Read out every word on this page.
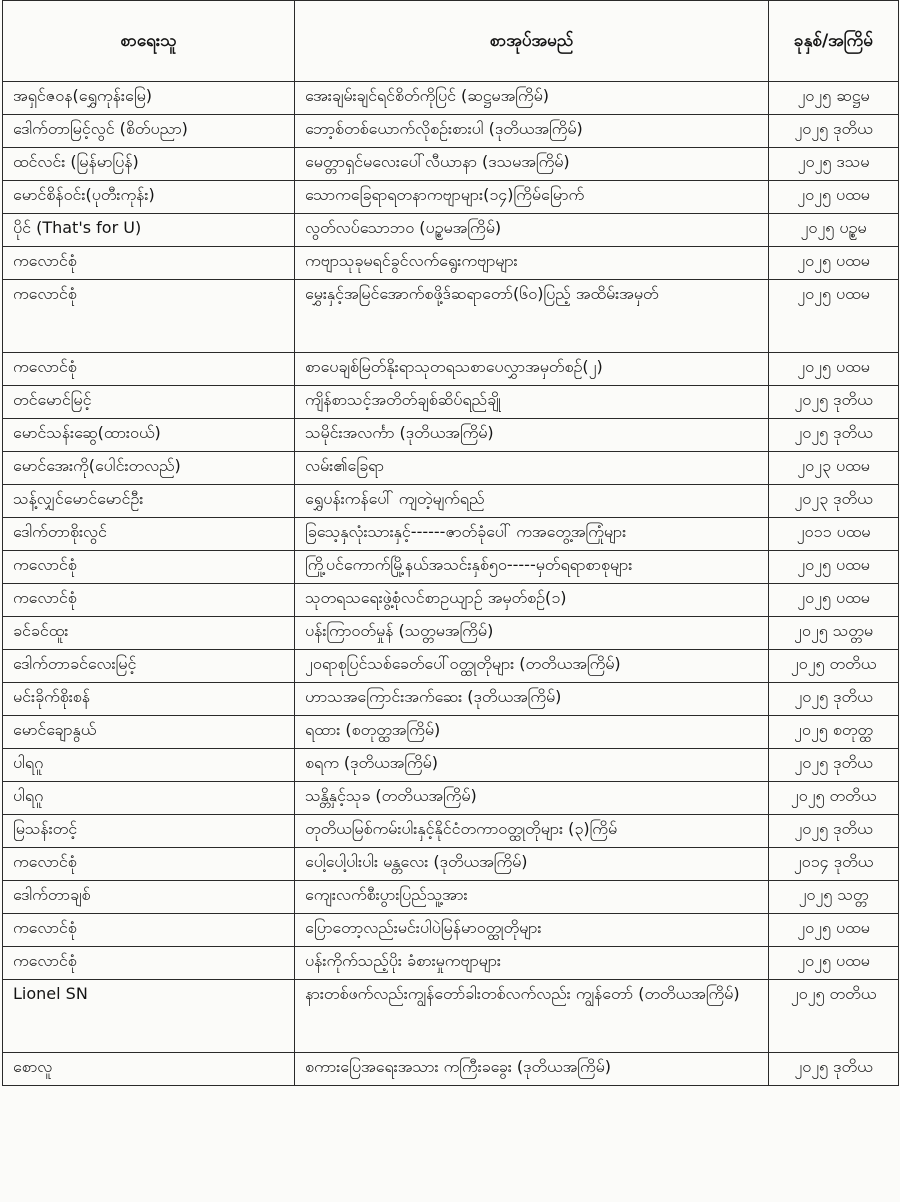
စာရေးသူ	စာအုပ်အမည်	ခုနှစ်/အကြိမ်
အရှင်ဇဝန(ရွှေကုန်းမြေ)	အေးချမ်းချင်ရင်စိတ်ကိုပြင် (ဆဋ္ဌမအကြိမ်)	၂၀၂၅ ဆဋ္ဌမ
ဒေါက်တာမြင့်လွင် (စိတ်ပညာ)	ဘော့စ်တစ်ယောက်လိုစဉ်းစားပါ (ဒုတိယအကြိမ်)	၂၀၂၅ ဒုတိယ
ထင်လင်း (မြန်မာပြန်)	မေတ္တာရှင်မလေးပေါ်လီယာနာ (ဒသမအကြိမ်)	၂၀၂၅ ဒသမ
မောင်စိန်ဝင်း(ပုတီးကုန်း)	သောကခြေရာရတနာကဗျာများ(၁၄)ကြိမ်မြောက်	၂၀၂၅ ပထမ
ပိုင် (That's for U)	လွတ်လပ်သောဘဝ (ပဥ္စမအကြိမ်)	၂၀၂၅ ပဥ္စမ
ကလောင်စုံ	ကဗျာသုခုမရင်ခွင်လက်ရွေးကဗျာများ	၂၀၂၅ ပထမ
ကလောင်စုံ	မွှေးနှင့်အမြင်အောက်စဖို့ဒ်ဆရာတော်(၆၀)ပြည့် အထိမ်းအမှတ်	၂၀၂၅ ပထမ
ကလောင်စုံ	စာပေချစ်မြတ်နိုးရာသုတရသစာပေလွှာအမှတ်စဉ်(၂)	၂၀၂၅ ပထမ
တင်မောင်မြင့်	ကျိန်စာသင့်အတိတ်ချစ်ဆိပ်ရည်ချို	၂၀၂၅ ဒုတိယ
မောင်သန်းဆွေ(ထားဝယ်)	သမိုင်းအလင်္ကာ (ဒုတိယအကြိမ်)	၂၀၂၅ ဒုတိယ
မောင်အေးကို(ပေါင်းတလည်)	လမ်း၏ခြေရာ	၂၀၂၃ ပထမ
သန့်လျှင်မောင်မောင်ဦး	ရွှေပန်းကန်ပေါ် ကျတဲ့မျက်ရည်	၂၀၂၃ ဒုတိယ
ဒေါက်တာစိုးလွင်	ခြသေ့နှလုံးသားနှင့်------ဇာတ်ခုံပေါ် ကအတွေ့အကြုံများ	၂၀၁၁ ပထမ
ကလောင်စုံ	ကြို့ပင်ကောက်မြို့နယ်အသင်းနှစ်၅၀-----မှတ်ရရာစာစုများ	၂၀၂၅ ပထမ
ကလောင်စုံ	သုတရသရေးဖွဲ့စုံလင်စာဥယျာဉ် အမှတ်စဉ်(၁)	၂၀၂၅ ပထမ
ခင်ခင်ထူး	ပန်းကြာဝတ်မှုန် (သတ္တမအကြိမ်)	၂၀၂၅ သတ္တမ
ဒေါက်တာခင်လေးမြင့်	၂၀ရာစုပြင်သစ်ခေတ်ပေါ်ဝတ္ထုတိုများ (တတိယအကြိမ်)	၂၀၂၅ တတိယ
မင်းခိုက်စိုးစန်	ဟာသအကြောင်းအက်ဆေး (ဒုတိယအကြိမ်)	၂၀၂၅ ဒုတိယ
မောင်ချောနွယ်	ရထား (စတုတ္ထအကြိမ်)	၂၀၂၅ စတုတ္ထ
ပါရဂူ	စရက (ဒုတိယအကြိမ်)	၂၀၂၅ ဒုတိယ
ပါရဂူ	သန္တိနှင့်သုခ (တတိယအကြိမ်)	၂၀၂၅ တတိယ
မြသန်းတင့်	တုတိယမြစ်ကမ်းပါးနှင့်နိုင်ငံတကာဝတ္ထုတိုများ (၃)ကြိမ်	၂၀၂၅ ဒုတိယ
ကလောင်စုံ	ပေါ့ပေါ့ပါးပါး မန္တလေး (ဒုတိယအကြိမ်)	၂၀၁၄ ဒုတိယ
ဒေါက်တာချစ်	ကျေးလက်စီးပွားပြည်သူ့အား	၂၀၂၅ သတ္တ
ကလောင်စုံ	ပြောတော့လည်းမင်းပါပဲမြန်မာဝတ္ထုတိုများ	၂၀၂၅ ပထမ
ကလောင်စုံ	ပန်းကိုက်သည့်ပိုး ခံစားမှုကဗျာများ	၂၀၂၅ ပထမ
Lionel SN	နားတစ်ဖက်လည်းကျွန်တော်ခါးတစ်လက်လည်း ကျွန်တော် (တတိယအကြိမ်)	၂၀၂၅ တတိယ
စောလူ	စကားပြေအရေးအသား ကကြီးခခွေး (ဒုတိယအကြိမ်)	၂၀၂၅ ဒုတိယ
